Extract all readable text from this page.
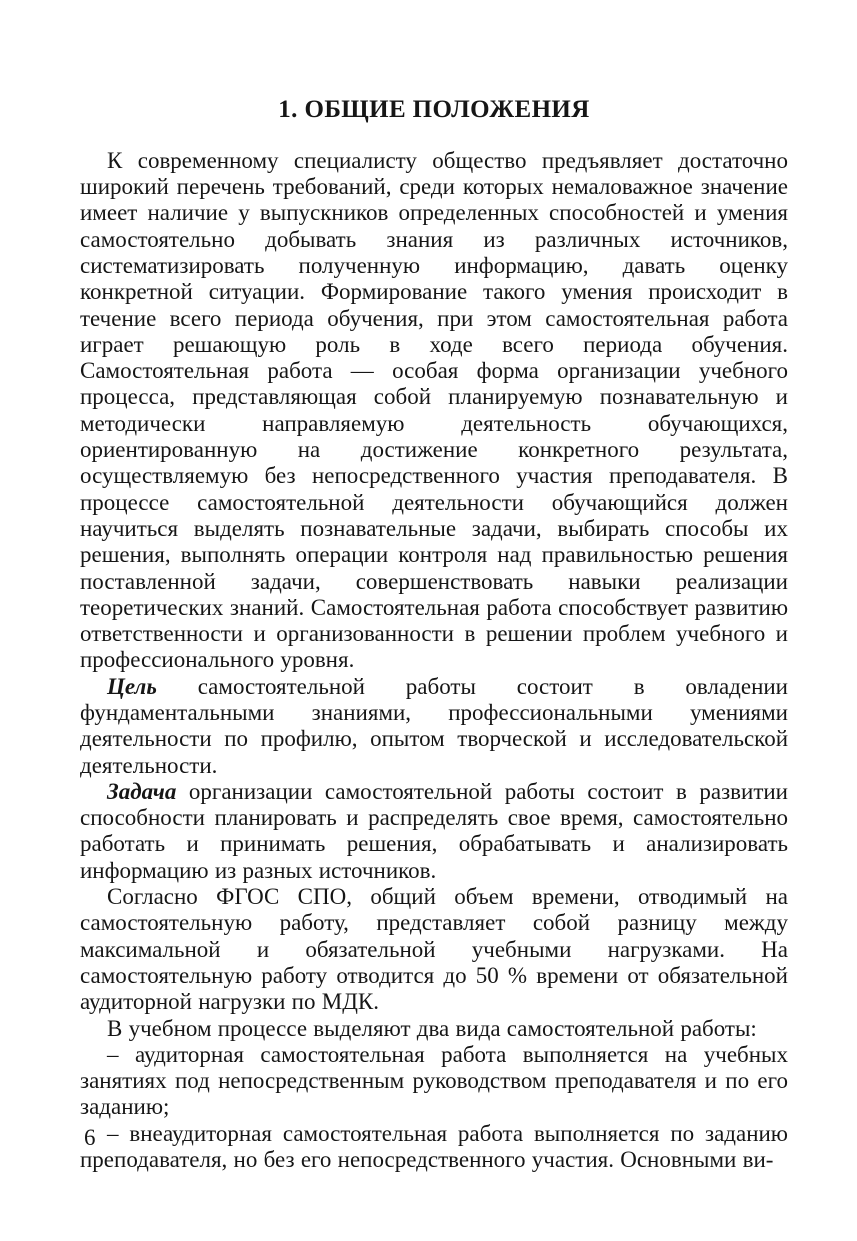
1. ОБЩИЕ ПОЛОЖЕНИЯ

К современному специалисту общество предъявляет достаточно широкий перечень требований, среди которых немаловажное значение имеет наличие у выпускников определенных способностей и умения самостоятельно добывать знания из различных источников, систематизировать полученную информацию, давать оценку конкретной ситуации. Формирование такого умения происходит в течение всего периода обучения, при этом самостоятельная работа играет решающую роль в ходе всего периода обучения. Самостоятельная работа — особая форма организации учебного процесса, представляющая собой планируемую познавательную и методически направляемую деятельность обучающихся, ориентированную на достижение конкретного результата, осуществляемую без непосредственного участия преподавателя. В процессе самостоятельной деятельности обучающийся должен научиться выделять познавательные задачи, выбирать способы их решения, выполнять операции контроля над правильностью решения поставленной задачи, совершенствовать навыки реализации теоретических знаний. Самостоятельная работа способствует развитию ответственности и организованности в решении проблем учебного и профессионального уровня.

Цель самостоятельной работы состоит в овладении фундаментальными знаниями, профессиональными умениями деятельности по профилю, опытом творческой и исследовательской деятельности.

Задача организации самостоятельной работы состоит в развитии способности планировать и распределять свое время, самостоятельно работать и принимать решения, обрабатывать и анализировать информацию из разных источников.

Согласно ФГОС СПО, общий объем времени, отводимый на самостоятельную работу, представляет собой разницу между максимальной и обязательной учебными нагрузками. На самостоятельную работу отводится до 50 % времени от обязательной аудиторной нагрузки по МДК.

В учебном процессе выделяют два вида самостоятельной работы:

– аудиторная самостоятельная работа выполняется на учебных занятиях под непосредственным руководством преподавателя и по его заданию;

– внеаудиторная самостоятельная работа выполняется по заданию преподавателя, но без его непосредственного участия. Основными ви-

6
